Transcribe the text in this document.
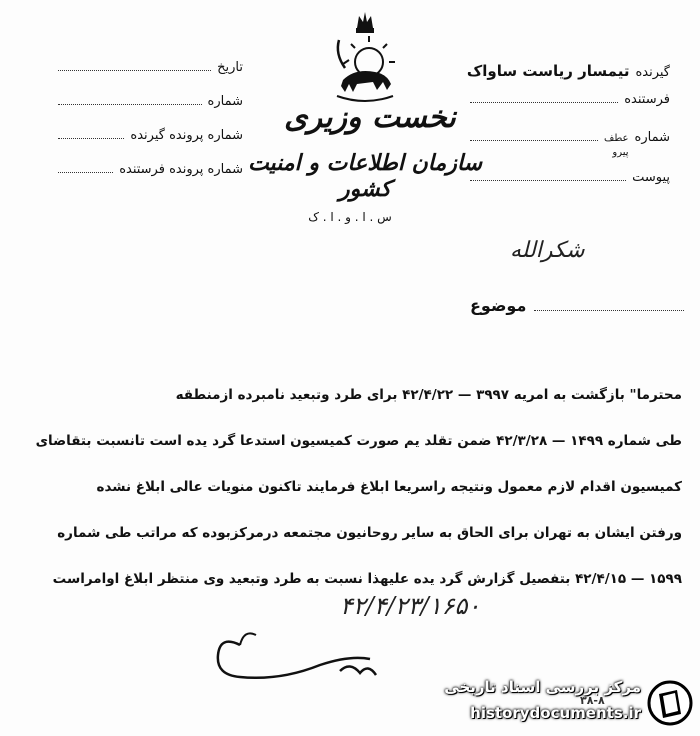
گیرنده
تیمسار ریاست ساواک
فرستنده
شماره
عطف
پیرو
پیوست
تاریخ
شماره
شماره پرونده گیرنده
شماره پرونده فرستنده
نخست وزیری
سازمان اطلاعات و امنیت کشور
س . ا . و . ا . ک
شکرالله
موضوع
محترما" بازگشت به امریه ۳۹۹۷ — ۴۲/۴/۲۲ برای طرد وتبعید نامبرده ازمنطقه
طی شماره ۱۴۹۹ — ۴۲/۳/۲۸ ضمن تقلد یم صورت کمیسیون استدعا گرد یده است تانسبت بتقاضای
کمیسیون اقدام لازم معمول ونتیجه راسریعا ابلاغ فرمایند تاکنون منویات عالی ابلاغ نشده
ورفتن ایشان به تهران برای الحاق به سایر روحانیون مجتمعه درمرکزبوده که مراتب طی شماره
۱۵۹۹ — ۴۲/۴/۱۵ بتفصیل گزارش گرد یده علیهذا نسبت به طرد وتبعید وی منتظر ابلاغ اوامراست
۴۲/۴/۲۳/۱۶۵۰
مرکز بررسی اسناد تاریخی
historydocuments.ir
۳۸-۸
